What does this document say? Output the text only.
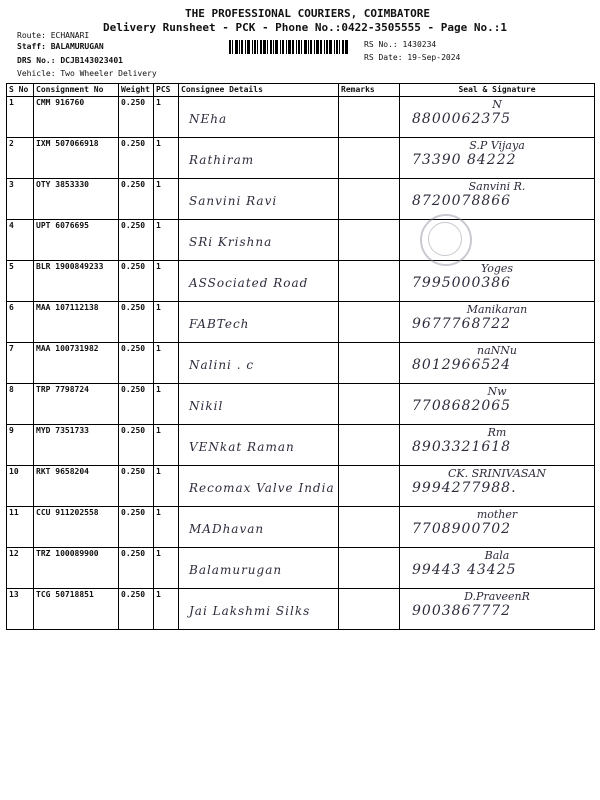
THE PROFESSIONAL COURIERS, COIMBATORE
Delivery Runsheet - PCK - Phone No.:0422-3505555 - Page No.:1
Route: ECHANARI
Staff: BALAMURUGAN
DRS No.: DCJB143023401
Vehicle: Two Wheeler Delivery
RS No.: 1430234
RS Date: 19-Sep-2024
S No	Consignment No	Weight	PCS	Consignee Details	Remarks	Seal & Signature
1	CMM 916760	0.250	1	NEha		N
8800062375

2	IXM 507066918	0.250	1	Rathiram		S.P Vijaya
73390 84222

3	OTY 3853330	0.250	1	Sanvini Ravi		Sanvini R.
8720078866

4	UPT 6076695	0.250	1	SRi Krishna		

5	BLR 1900849233	0.250	1	ASSociated Road		Yoges
7995000386

6	MAA 107112138	0.250	1	FABTech		Manikaran
9677768722

7	MAA 100731982	0.250	1	Nalini . c		naNNu
8012966524

8	TRP 7798724	0.250	1	Nikil		Nw
7708682065

9	MYD 7351733	0.250	1	VENkat Raman		Rm
8903321618

10	RKT 9658204	0.250	1	Recomax Valve India		CK. SRINIVASAN
9994277988.

11	CCU 911202558	0.250	1	MADhavan		mother
7708900702

12	TRZ 100089900	0.250	1	Balamurugan		Bala
99443 43425

13	TCG 50718851	0.250	1	Jai Lakshmi Silks		D.PraveenR
9003867772
